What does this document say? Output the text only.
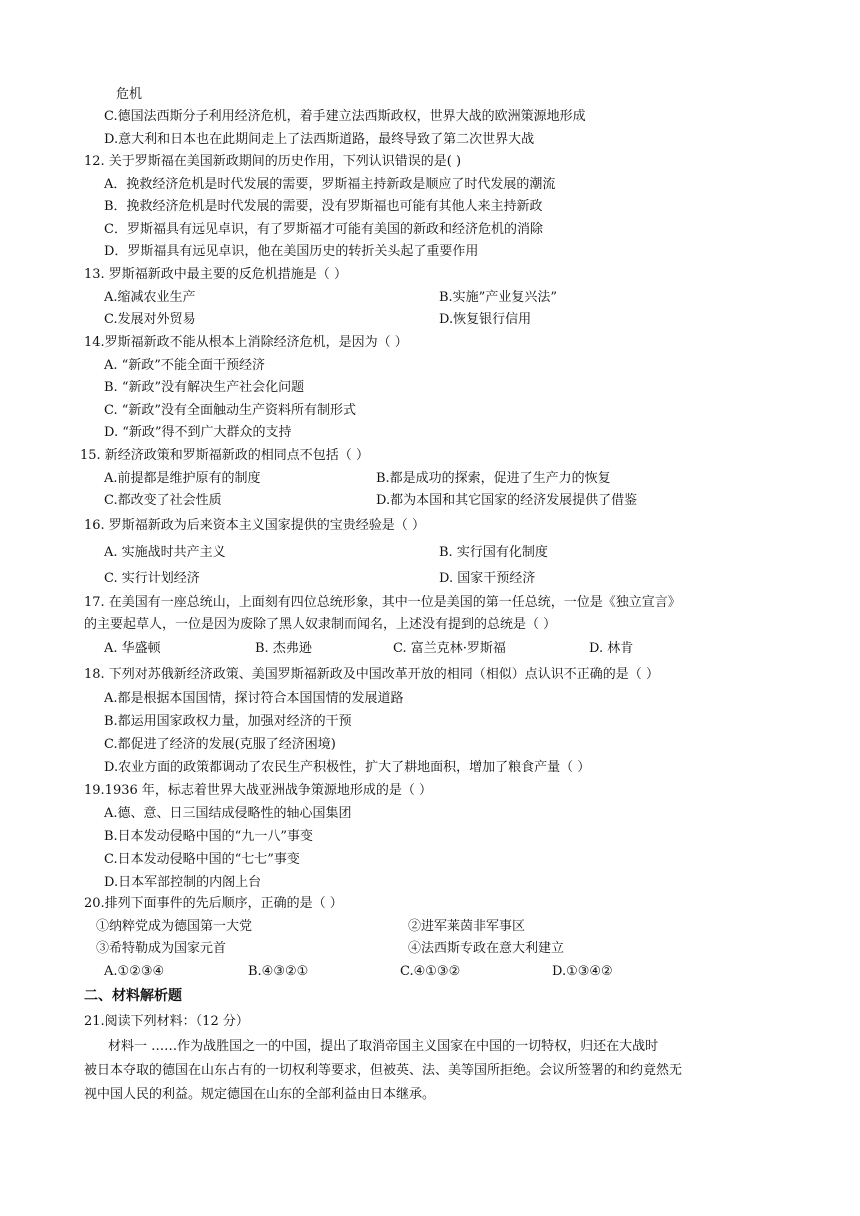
危机
C.德国法西斯分子利用经济危机，着手建立法西斯政权，世界大战的欧洲策源地形成
D.意大利和日本也在此期间走上了法西斯道路，最终导致了第二次世界大战
12. 关于罗斯福在美国新政期间的历史作用，下列认识错误的是( )
A．挽救经济危机是时代发展的需要，罗斯福主持新政是顺应了时代发展的潮流
B．挽救经济危机是时代发展的需要，没有罗斯福也可能有其他人来主持新政
C．罗斯福具有远见卓识，有了罗斯福才可能有美国的新政和经济危机的消除
D．罗斯福具有远见卓识，他在美国历史的转折关头起了重要作用
13. 罗斯福新政中最主要的反危机措施是（ ）
A.缩减农业生产	B.实施”产业复兴法”
C.发展对外贸易	D.恢复银行信用
14.罗斯福新政不能从根本上消除经济危机，是因为（ ）
A. “新政”不能全面干预经济
B. “新政”没有解决生产社会化问题
C. “新政”没有全面触动生产资料所有制形式
D. “新政”得不到广大群众的支持
15. 新经济政策和罗斯福新政的相同点不包括（ ）
A.前提都是维护原有的制度	B.都是成功的探索，促进了生产力的恢复
C.都改变了社会性质	D.都为本国和其它国家的经济发展提供了借鉴
16. 罗斯福新政为后来资本主义国家提供的宝贵经验是（ ）
A. 实施战时共产主义	B. 实行国有化制度
C. 实行计划经济	D. 国家干预经济
17. 在美国有一座总统山，上面刻有四位总统形象，其中一位是美国的第一任总统，一位是《独立宣言》
的主要起草人，一位是因为废除了黑人奴隶制而闻名，上述没有提到的总统是（ ）
A. 华盛顿	B. 杰弗逊	C. 富兰克林·罗斯福	D. 林肯
18. 下列对苏俄新经济政策、美国罗斯福新政及中国改革开放的相同（相似）点认识不正确的是（ ）
A.都是根据本国国情，探讨符合本国国情的发展道路
B.都运用国家政权力量，加强对经济的干预
C.都促进了经济的发展(克服了经济困境)
D.农业方面的政策都调动了农民生产积极性，扩大了耕地面积，增加了粮食产量（ ）
19.1936 年，标志着世界大战亚洲战争策源地形成的是（ ）
A.德、意、日三国结成侵略性的轴心国集团
B.日本发动侵略中国的“九一八”事变
C.日本发动侵略中国的“七七”事变
D.日本军部控制的内阁上台
20.排列下面事件的先后顺序，正确的是（ ）
①纳粹党成为德国第一大党	②进军莱茵非军事区
③希特勒成为国家元首	④法西斯专政在意大利建立
A.①②③④	B.④③②①	C.④①③②	D.①③④②
二、材料解析题
21.阅读下列材料：（12 分）
材料一 ……作为战胜国之一的中国，提出了取消帝国主义国家在中国的一切特权，归还在大战时
被日本夺取的德国在山东占有的一切权利等要求，但被英、法、美等国所拒绝。会议所签署的和约竟然无
视中国人民的利益。规定德国在山东的全部利益由日本继承。
